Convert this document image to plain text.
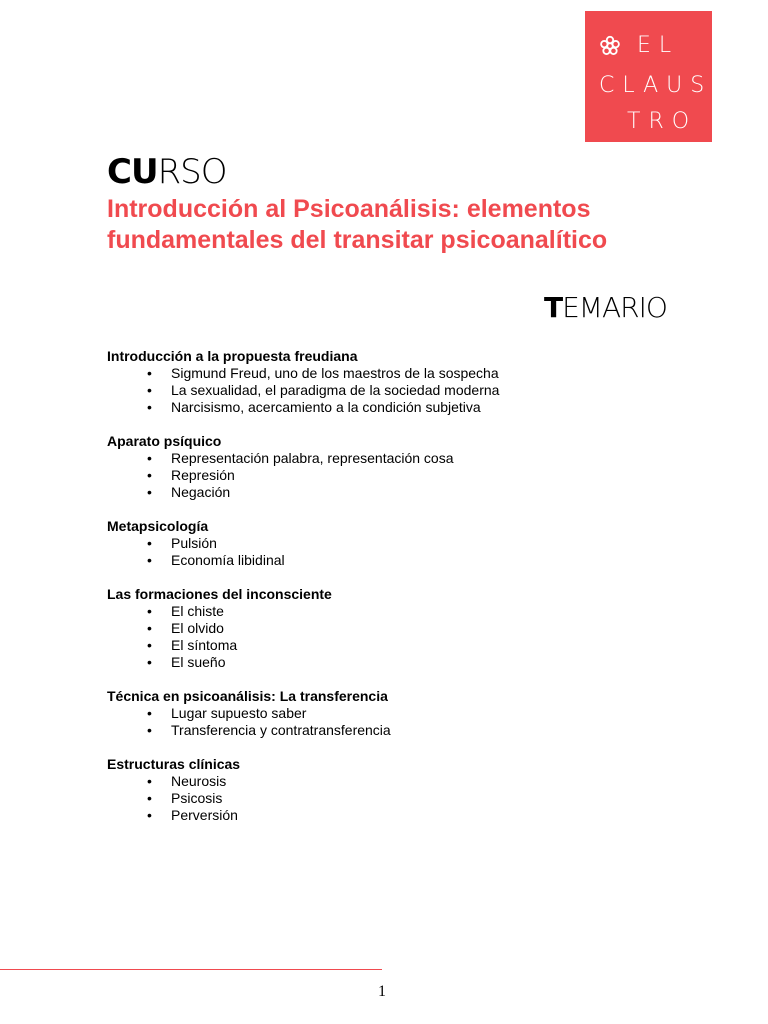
EL
CLAUS
TRO
CURSO
Introducción al Psicoanálisis: elementos fundamentales del transitar psicoanalítico
TEMARIO
Introducción a la propuesta freudiana
• Sigmund Freud, uno de los maestros de la sospecha
• La sexualidad, el paradigma de la sociedad moderna
• Narcisismo, acercamiento a la condición subjetiva
Aparato psíquico
• Representación palabra, representación cosa
• Represión
• Negación
Metapsicología
• Pulsión
• Economía libidinal
Las formaciones del inconsciente
• El chiste
• El olvido
• El síntoma
• El sueño
Técnica en psicoanálisis: La transferencia
• Lugar supuesto saber
• Transferencia y contratransferencia
Estructuras clínicas
• Neurosis
• Psicosis
• Perversión
1
